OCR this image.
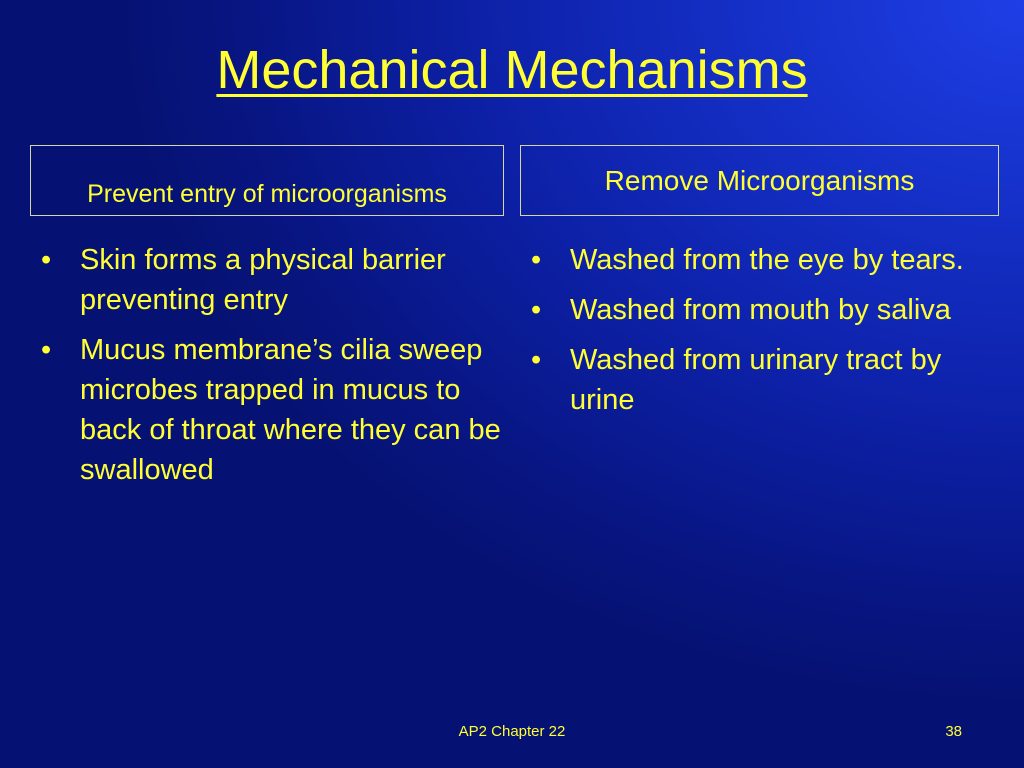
Mechanical Mechanisms
Prevent entry of microorganisms	Remove Microorganisms
• Skin forms a physical barrier preventing entry
• Mucus membrane’s cilia sweep microbes trapped in mucus to back of throat where they can be swallowed
• Washed from the eye by tears.
• Washed from mouth by saliva
• Washed from urinary tract by urine
AP2 Chapter 22	38
